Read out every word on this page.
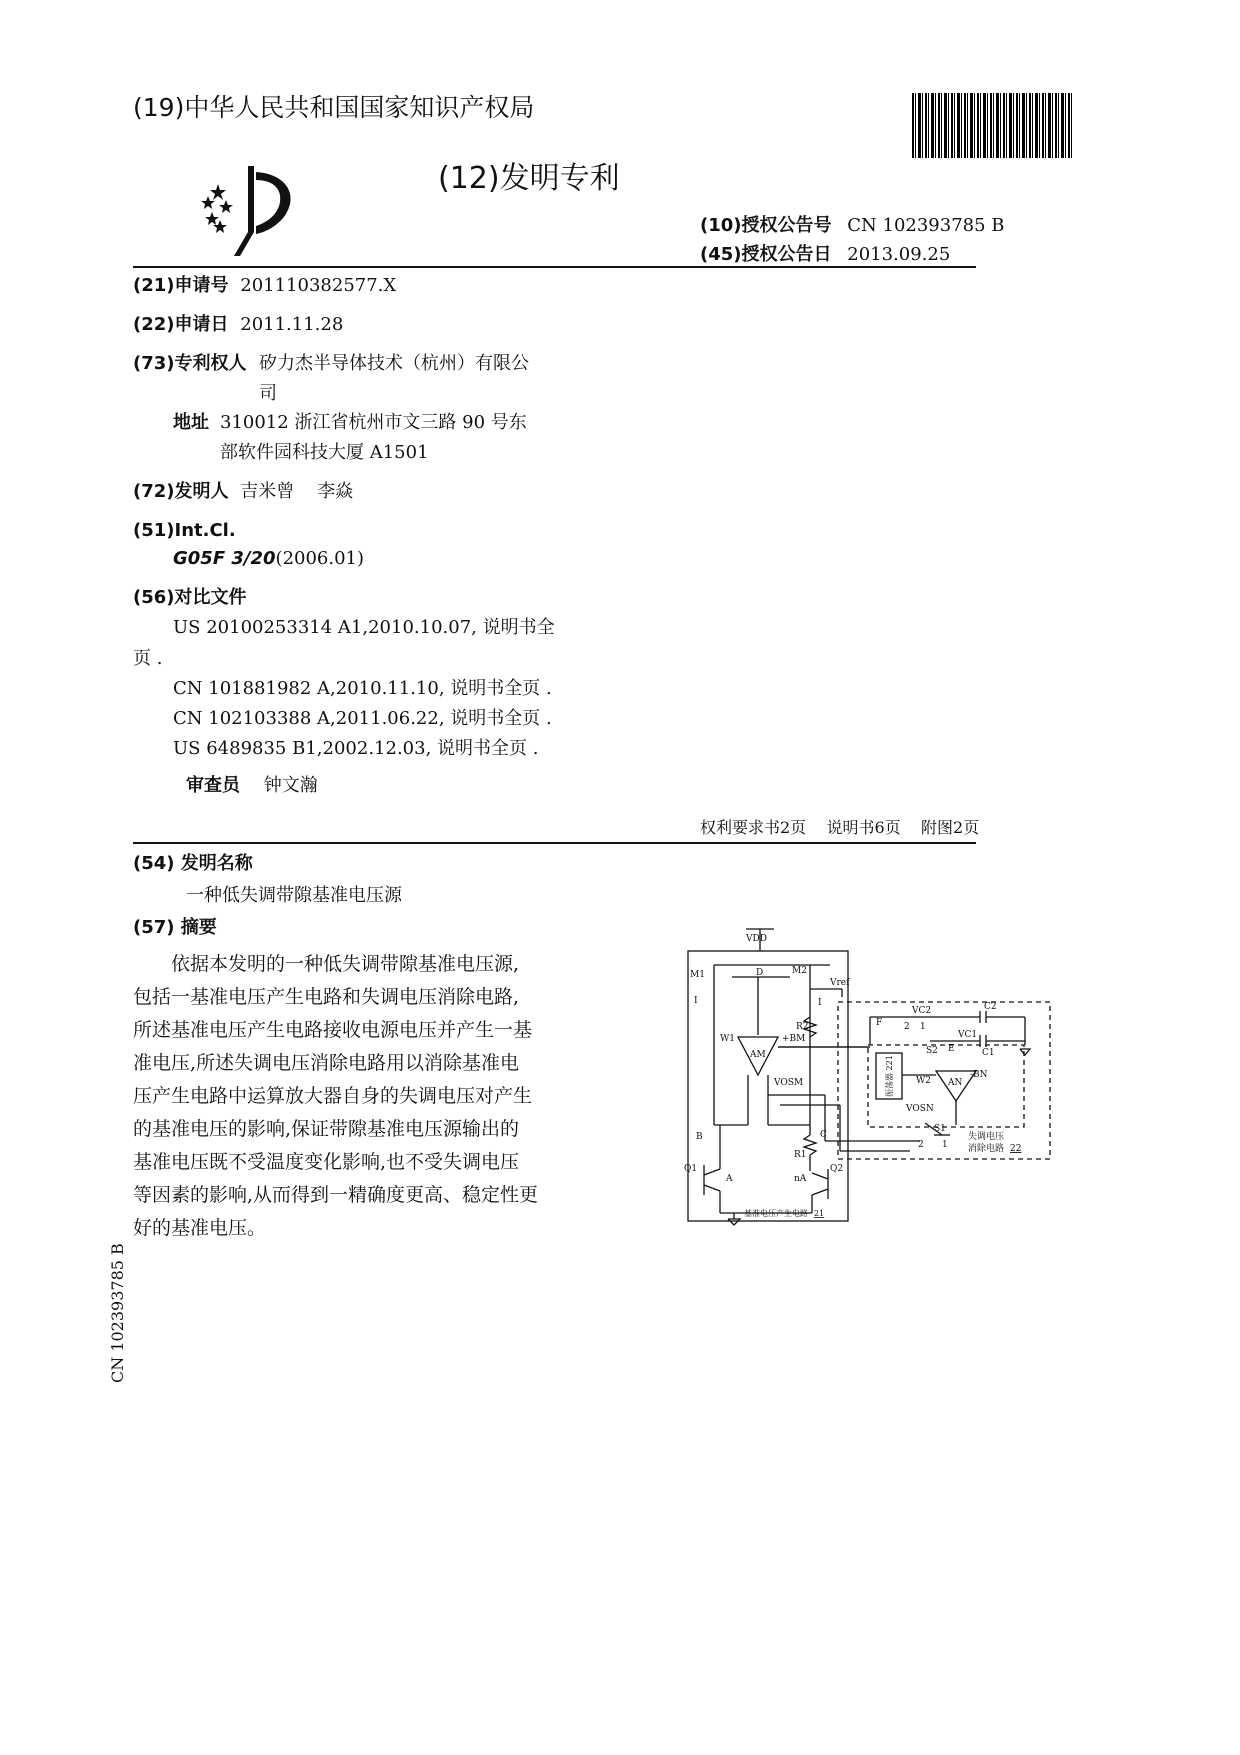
(19)中华人民共和国国家知识产权局
(12)发明专利
(10)授权公告号 CN 102393785 B
(45)授权公告日 2013.09.25
(21)申请号 201110382577.X
(22)申请日 2011.11.28
(73)专利权人 矽力杰半导体技术（杭州）有限公
司
地址 310012 浙江省杭州市文三路 90 号东
部软件园科技大厦 A1501
(72)发明人 吉米曾    李焱
(51)Int.Cl.
G05F 3/20(2006.01)
(56)对比文件
US 20100253314 A1,2010.10.07, 说明书全
页 .
CN 101881982 A,2010.11.10, 说明书全页 .
CN 102103388 A,2011.06.22, 说明书全页 .
US 6489835 B1,2002.12.03, 说明书全页 .
审查员 钟文瀚
权利要求书2页    说明书6页    附图2页
(54) 发明名称
一种低失调带隙基准电压源
(57) 摘要

依据本发明的一种低失调带隙基准电压源,

包括一基准电压产生电路和失调电压消除电路,

所述基准电压产生电路接收电源电压并产生一基

准电压,所述失调电压消除电路用以消除基准电

压产生电路中运算放大器自身的失调电压对产生

的基准电压的影响,保证带隙基准电压源输出的

基准电压既不受温度变化影响,也不受失调电压

等因素的影响,从而得到一精确度更高、稳定性更

好的基准电压。

VDD
M1	M2
D
Vref
I	I
R2
W1
AM
+BM
VOSM
B	C
R1
Q1	Q2
A	nA
基准电压产生电路 21
VC2
VC1
F
E
C2
C1
S2
S1
W2 AN
-BN
VOSN
1
2
1
2
失调电压
消除电路 22
振荡器 221
CN 102393785 B
